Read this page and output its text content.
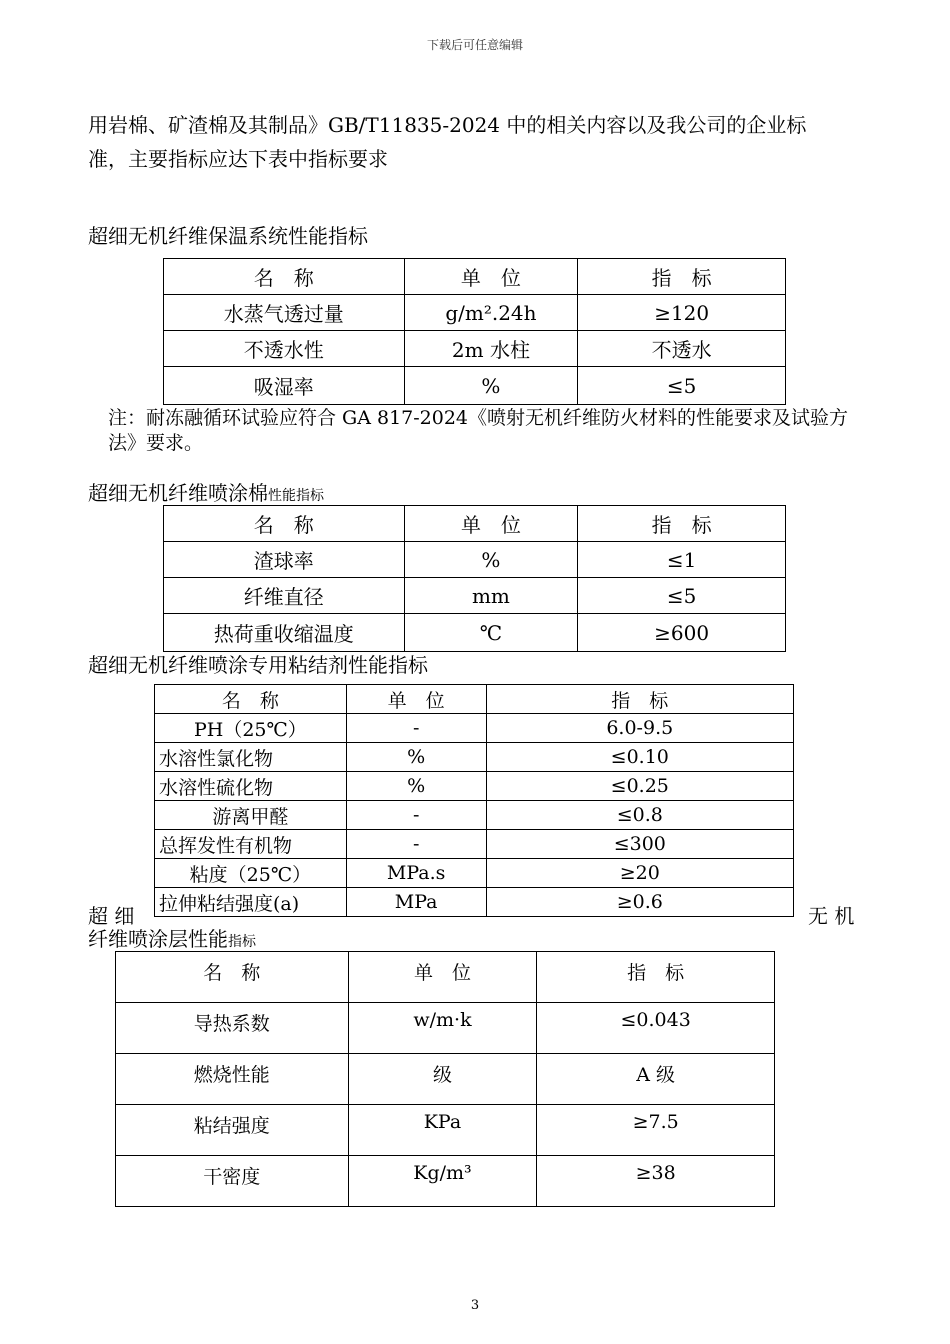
下载后可任意编辑
用岩棉、矿渣棉及其制品》GB/T11835-2024 中的相关内容以及我公司的企业标
准，主要指标应达下表中指标要求
超细无机纤维保温系统性能指标
名　称	单　位	指　标
水蒸气透过量	g/m².24h	≥120
不透水性	2m 水柱	不透水
吸湿率	%	≤5
注：耐冻融循环试验应符合 GA 817-2024《喷射无机纤维防火材料的性能要求及试验方法》要求。
超细无机纤维喷涂棉性能指标
名　称	单　位	指　标
渣球率	%	≤1
纤维直径	mm	≤5
热荷重收缩温度	℃	≥600
超细无机纤维喷涂专用粘结剂性能指标
名　称	单　位	指　标
PH（25℃）	-	6.0-9.5
水溶性氯化物	%	≤0.10
水溶性硫化物	%	≤0.25
游离甲醛	-	≤0.8
总挥发性有机物	-	≤300
粘度（25℃）	MPa.s	≥20
拉伸粘结强度(a)	MPa	≥0.6
超 细	无 机
纤维喷涂层性能指标
名　称	单　位	指　标
导热系数	w/m·k	≤0.043
燃烧性能	级	A 级
粘结强度	KPa	≥7.5
干密度	Kg/m³	≥38
3
